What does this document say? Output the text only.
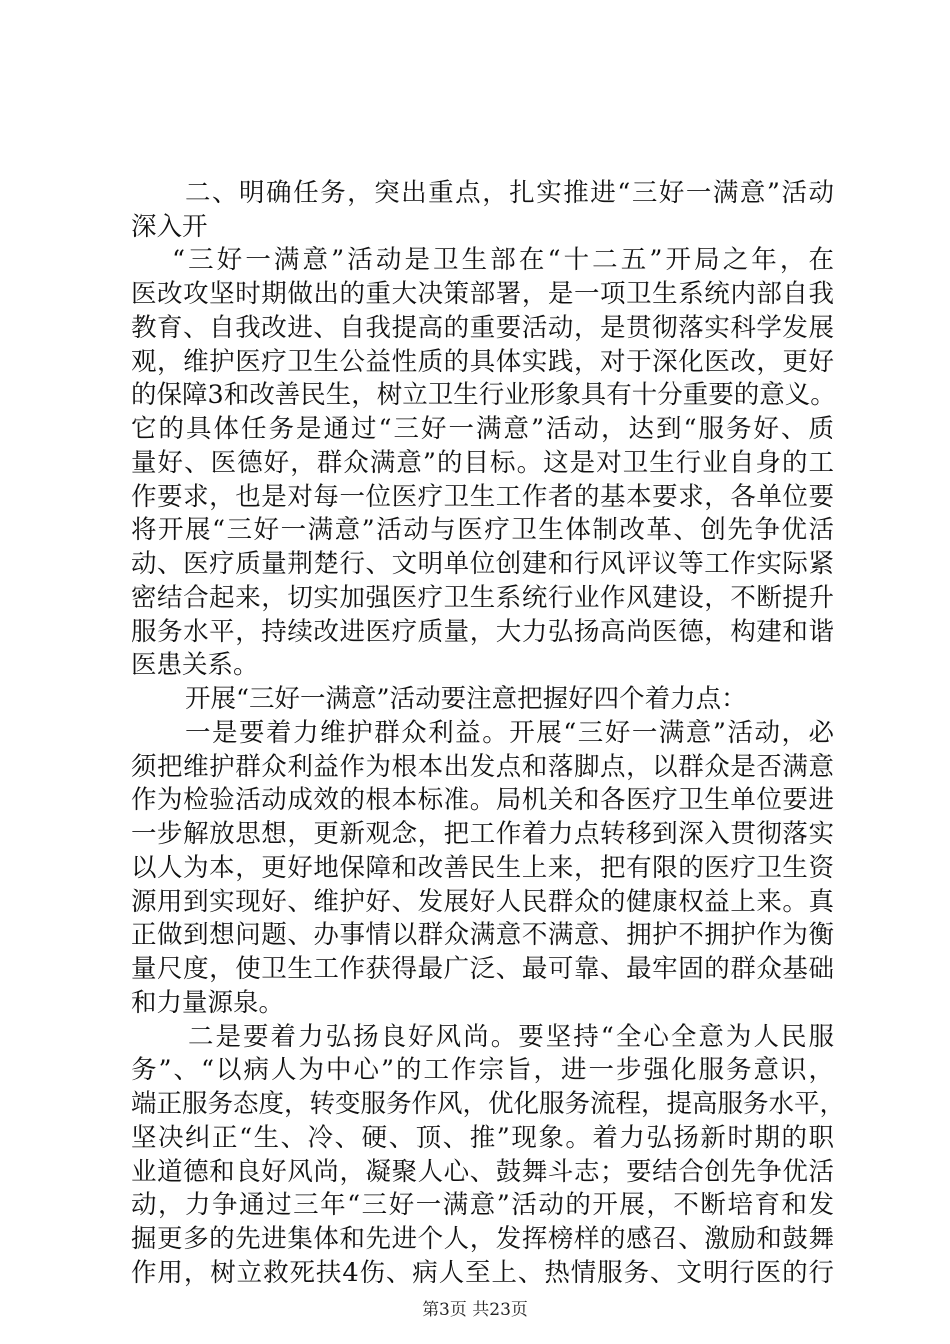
二、明确任务，突出重点，扎实推进“三好一满意”活动
深入开
“三好一满意”活动是卫生部在“十二五”开局之年，在
医改攻坚时期做出的重大决策部署，是一项卫生系统内部自我
教育、自我改进、自我提高的重要活动，是贯彻落实科学发展
观，维护医疗卫生公益性质的具体实践，对于深化医改，更好
的保障3和改善民生，树立卫生行业形象具有十分重要的意义。
它的具体任务是通过“三好一满意”活动，达到“服务好、质
量好、医德好，群众满意”的目标。这是对卫生行业自身的工
作要求，也是对每一位医疗卫生工作者的基本要求，各单位要
将开展“三好一满意”活动与医疗卫生体制改革、创先争优活
动、医疗质量荆楚行、文明单位创建和行风评议等工作实际紧
密结合起来，切实加强医疗卫生系统行业作风建设，不断提升
服务水平，持续改进医疗质量，大力弘扬高尚医德，构建和谐
医患关系。
开展“三好一满意”活动要注意把握好四个着力点：
一是要着力维护群众利益。开展“三好一满意”活动，必
须把维护群众利益作为根本出发点和落脚点，以群众是否满意
作为检验活动成效的根本标准。局机关和各医疗卫生单位要进
一步解放思想，更新观念，把工作着力点转移到深入贯彻落实
以人为本，更好地保障和改善民生上来，把有限的医疗卫生资
源用到实现好、维护好、发展好人民群众的健康权益上来。真
正做到想问题、办事情以群众满意不满意、拥护不拥护作为衡
量尺度，使卫生工作获得最广泛、最可靠、最牢固的群众基础
和力量源泉。
二是要着力弘扬良好风尚。要坚持“全心全意为人民服
务”、“以病人为中心”的工作宗旨，进一步强化服务意识，
端正服务态度，转变服务作风，优化服务流程，提高服务水平，
坚决纠正“生、冷、硬、顶、推”现象。着力弘扬新时期的职
业道德和良好风尚，凝聚人心、鼓舞斗志；要结合创先争优活
动，力争通过三年“三好一满意”活动的开展，不断培育和发
掘更多的先进集体和先进个人，发挥榜样的感召、激励和鼓舞
作用，树立救死扶4伤、病人至上、热情服务、文明行医的行
第3页 共23页
